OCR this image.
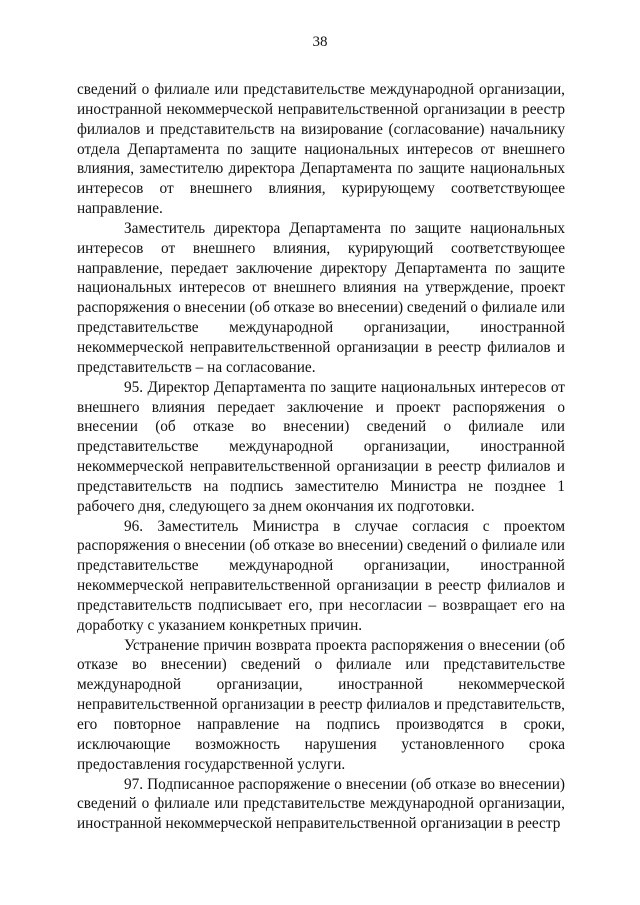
38

сведений о филиале или представительстве международной организации, иностранной некоммерческой неправительственной организации в реестр филиалов и представительств на визирование (согласование) начальнику отдела Департамента по защите национальных интересов от внешнего влияния, заместителю директора Департамента по защите национальных интересов от внешнего влияния, курирующему соответствующее направление.

Заместитель директора Департамента по защите национальных интересов от внешнего влияния, курирующий соответствующее направление, передает заключение директору Департамента по защите национальных интересов от внешнего влияния на утверждение, проект распоряжения о внесении (об отказе во внесении) сведений о филиале или представительстве международной организации, иностранной некоммерческой неправительственной организации в реестр филиалов и представительств – на согласование.

95. Директор Департамента по защите национальных интересов от внешнего влияния передает заключение и проект распоряжения о внесении (об отказе во внесении) сведений о филиале или представительстве международной организации, иностранной некоммерческой неправительственной организации в реестр филиалов и представительств на подпись заместителю Министра не позднее 1 рабочего дня, следующего за днем окончания их подготовки.

96. Заместитель Министра в случае согласия с проектом распоряжения о внесении (об отказе во внесении) сведений о филиале или представительстве международной организации, иностранной некоммерческой неправительственной организации в реестр филиалов и представительств подписывает его, при несогласии – возвращает его на доработку с указанием конкретных причин.

Устранение причин возврата проекта распоряжения о внесении (об отказе во внесении) сведений о филиале или представительстве международной организации, иностранной некоммерческой неправительственной организации в реестр филиалов и представительств, его повторное направление на подпись производятся в сроки, исключающие возможность нарушения установленного срока предоставления государственной услуги.

97. Подписанное распоряжение о внесении (об отказе во внесении) сведений о филиале или представительстве международной организации, иностранной некоммерческой неправительственной организации в реестр
